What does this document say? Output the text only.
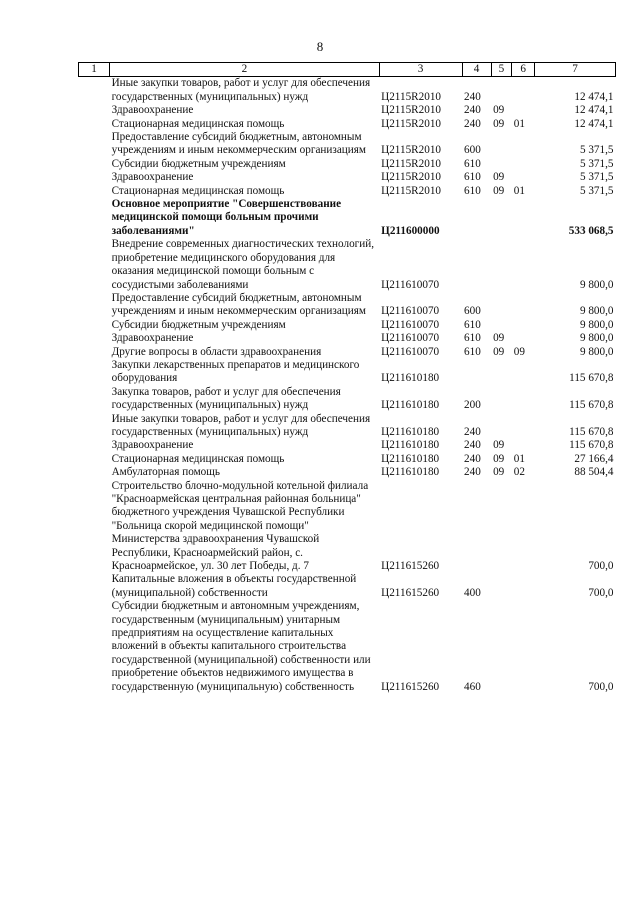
8
1	2	3	4	5	6	7
	Иные закупки товаров, работ и услуг для обеспечения государственных (муниципальных) нужд	Ц2115R2010	240			12 474,1
	Здравоохранение	Ц2115R2010	240	09		12 474,1
	Стационарная медицинская помощь	Ц2115R2010	240	09	01	12 474,1
	Предоставление субсидий бюджетным, автономным учреждениям и иным некоммерческим организациям	Ц2115R2010	600			5 371,5
	Субсидии бюджетным учреждениям	Ц2115R2010	610			5 371,5
	Здравоохранение	Ц2115R2010	610	09		5 371,5
	Стационарная медицинская помощь	Ц2115R2010	610	09	01	5 371,5
	Основное мероприятие "Совершенствование медицинской помощи больным прочими заболеваниями"	Ц211600000				533 068,5
	Внедрение современных диагностических технологий, приобретение медицинского оборудования для оказания медицинской помощи больным с сосудистыми заболеваниями	Ц211610070				9 800,0
	Предоставление субсидий бюджетным, автономным учреждениям и иным некоммерческим организациям	Ц211610070	600			9 800,0
	Субсидии бюджетным учреждениям	Ц211610070	610			9 800,0
	Здравоохранение	Ц211610070	610	09		9 800,0
	Другие вопросы в области здравоохранения	Ц211610070	610	09	09	9 800,0
	Закупки лекарственных препаратов и медицинского оборудования	Ц211610180				115 670,8
	Закупка товаров, работ и услуг для обеспечения государственных (муниципальных) нужд	Ц211610180	200			115 670,8
	Иные закупки товаров, работ и услуг для обеспечения государственных (муниципальных) нужд	Ц211610180	240			115 670,8
	Здравоохранение	Ц211610180	240	09		115 670,8
	Стационарная медицинская помощь	Ц211610180	240	09	01	27 166,4
	Амбулаторная помощь	Ц211610180	240	09	02	88 504,4
	Строительство блочно-модульной котельной филиала "Красноармейская центральная районная больница" бюджетного учреждения Чувашской Республики "Больница скорой медицинской помощи" Министерства здравоохранения Чувашской Республики, Красноармейский район, с. Красноармейское, ул. 30 лет Победы, д. 7	Ц211615260				700,0
	Капитальные вложения в объекты государственной (муниципальной) собственности	Ц211615260	400			700,0
	Субсидии бюджетным и автономным учреждениям, государственным (муниципальным) унитарным предприятиям на осуществление капитальных вложений в объекты капитального строительства государственной (муниципальной) собственности или приобретение объектов недвижимого имущества в государственную (муниципальную) собственность	Ц211615260	460			700,0
